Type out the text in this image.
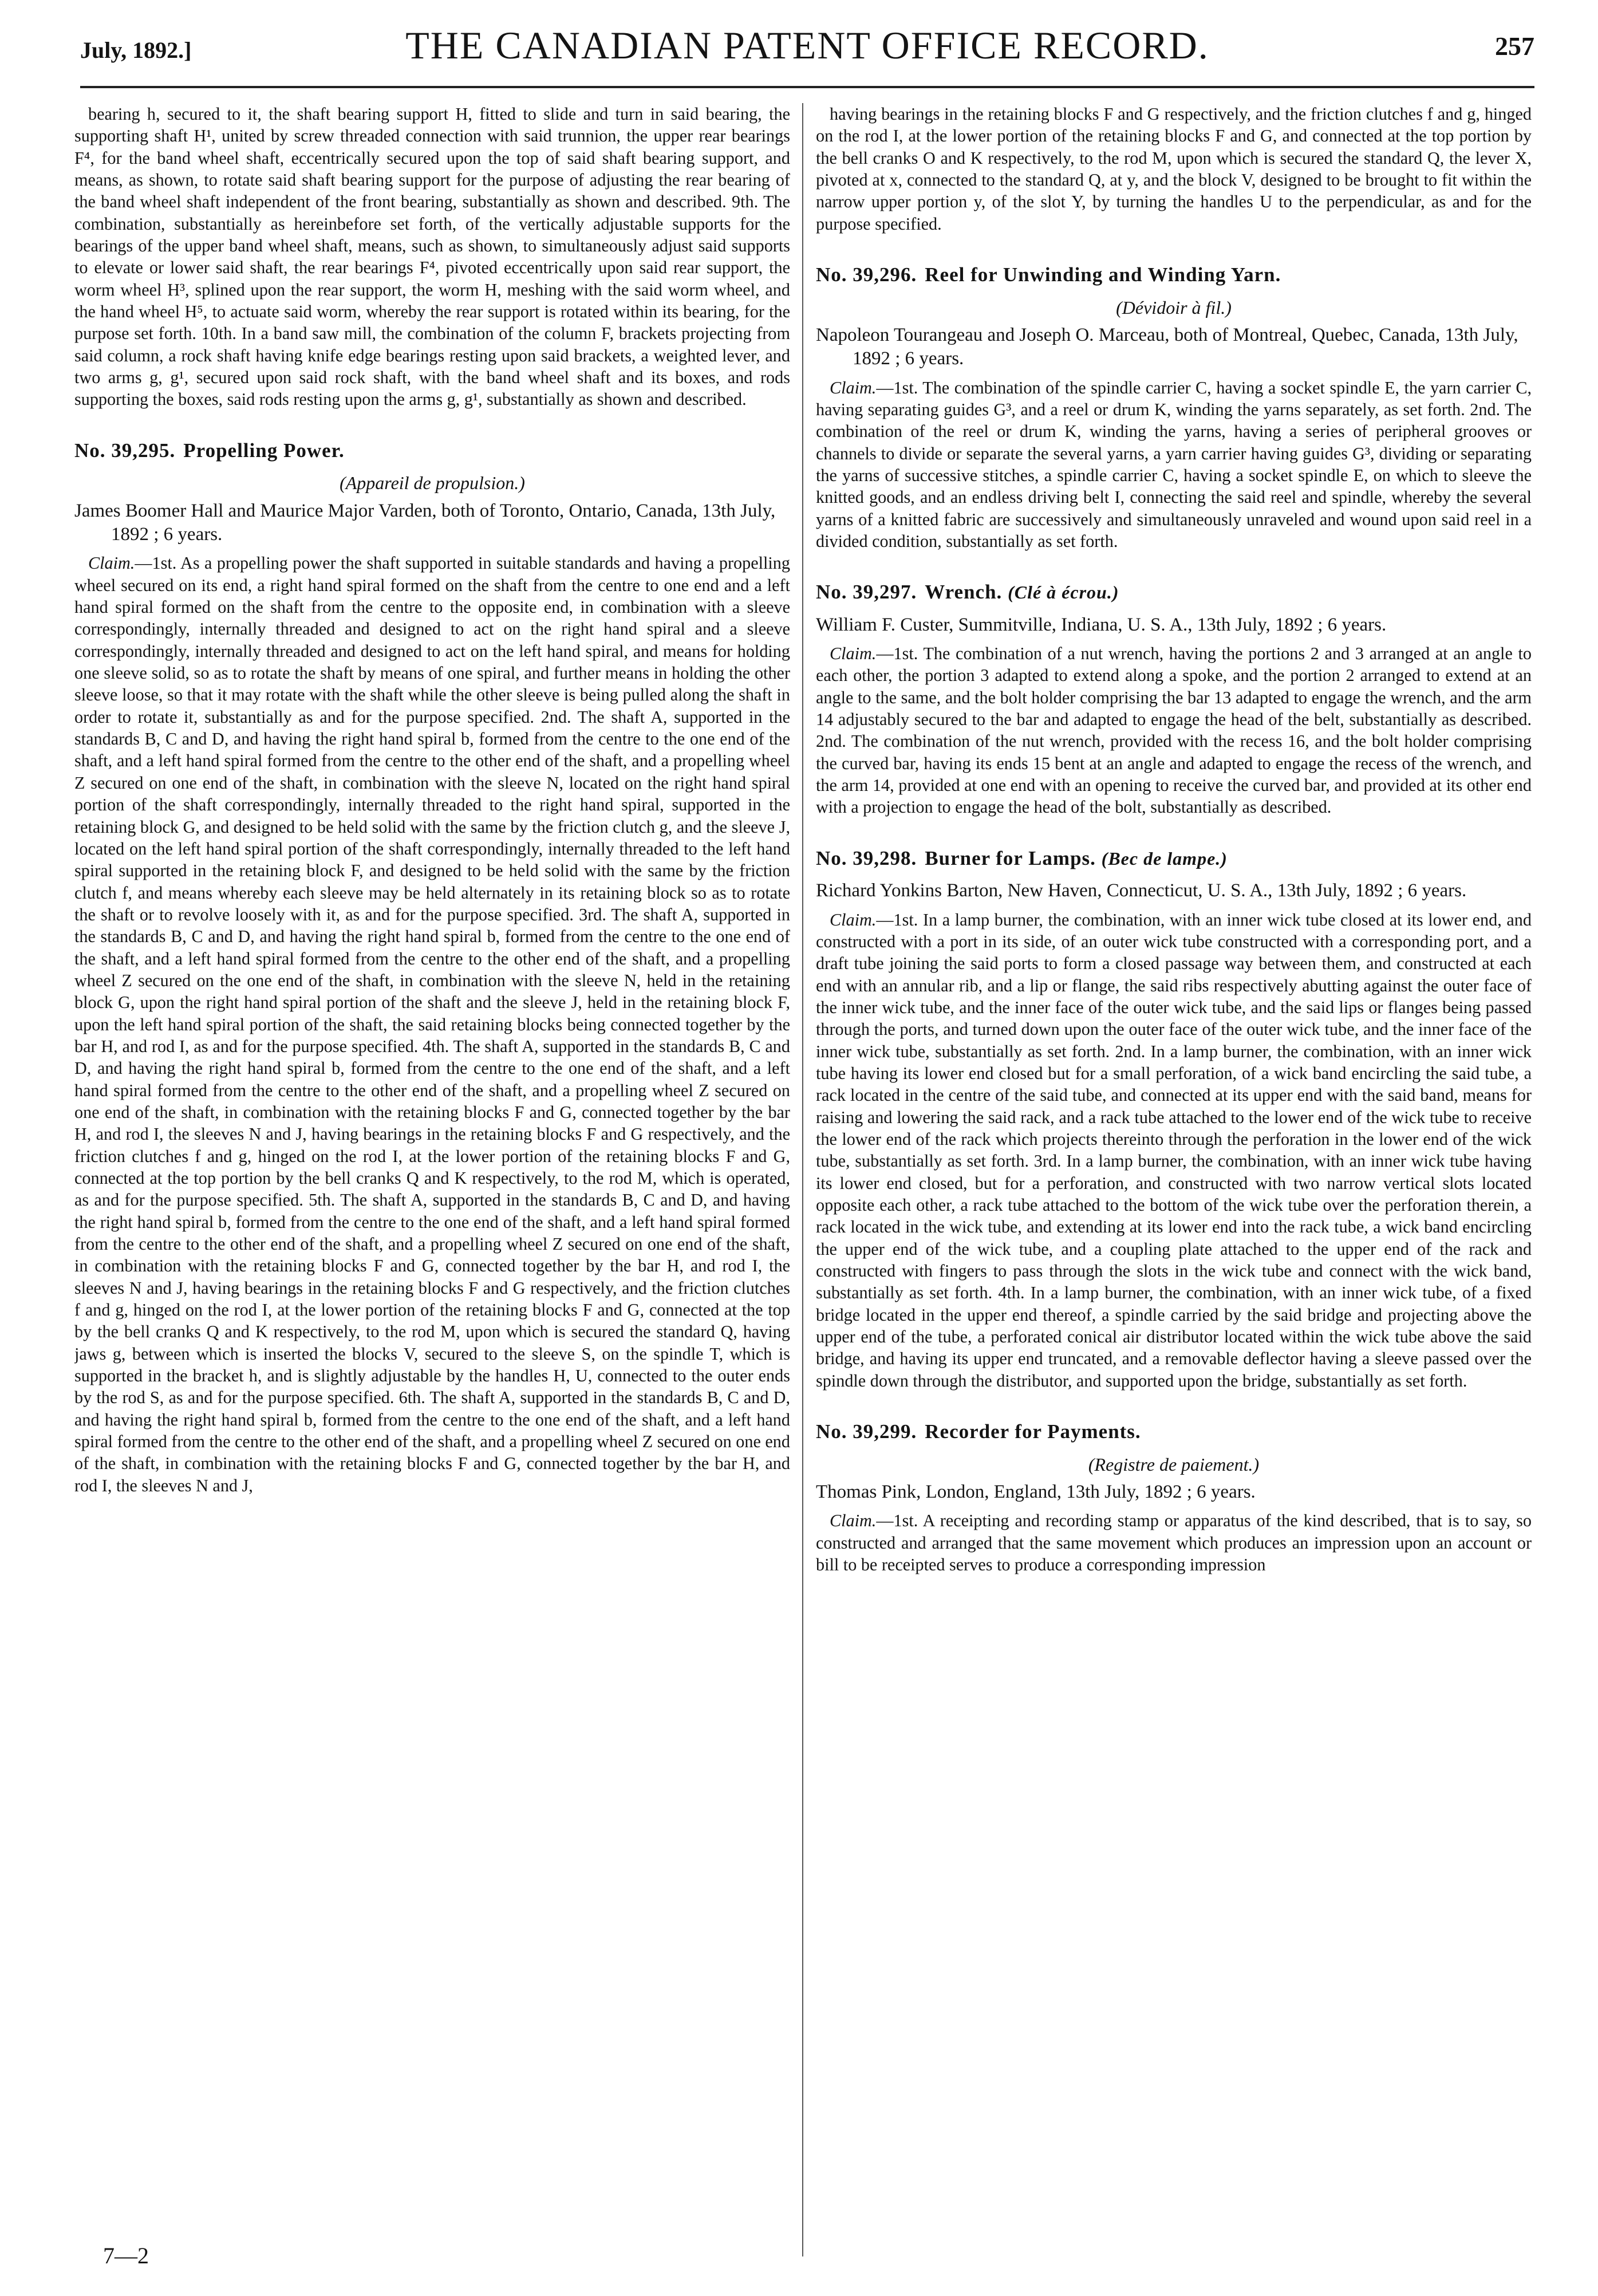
July, 1892.]	THE CANADIAN PATENT OFFICE RECORD.	257

bearing h, secured to it, the shaft bearing support H, fitted to slide and turn in said bearing, the supporting shaft H¹, united by screw threaded connection with said trunnion, the upper rear bearings F⁴, for the band wheel shaft, eccentrically secured upon the top of said shaft bearing support, and means, as shown, to rotate said shaft bearing support for the purpose of adjusting the rear bearing of the band wheel shaft independent of the front bearing, substantially as shown and described. 9th. The combination, substantially as hereinbefore set forth, of the vertically adjustable supports for the bearings of the upper band wheel shaft, means, such as shown, to simultaneously adjust said supports to elevate or lower said shaft, the rear bearings F⁴, pivoted eccentrically upon said rear support, the worm wheel H³, splined upon the rear support, the worm H, meshing with the said worm wheel, and the hand wheel H⁵, to actuate said worm, whereby the rear support is rotated within its bearing, for the purpose set forth. 10th. In a band saw mill, the combination of the column F, brackets projecting from said column, a rock shaft having knife edge bearings resting upon said brackets, a weighted lever, and two arms g, g¹, secured upon said rock shaft, with the band wheel shaft and its boxes, and rods supporting the boxes, said rods resting upon the arms g, g¹, substantially as shown and described.

No. 39,295. Propelling Power.

(Appareil de propulsion.)

James Boomer Hall and Maurice Major Varden, both of Toronto, Ontario, Canada, 13th July, 1892 ; 6 years.

Claim.—1st. As a propelling power the shaft supported in suitable standards and having a propelling wheel secured on its end, a right hand spiral formed on the shaft from the centre to one end and a left hand spiral formed on the shaft from the centre to the opposite end, in combination with a sleeve correspondingly, internally threaded and designed to act on the right hand spiral and a sleeve correspondingly, internally threaded and designed to act on the left hand spiral, and means for holding one sleeve solid, so as to rotate the shaft by means of one spiral, and further means in holding the other sleeve loose, so that it may rotate with the shaft while the other sleeve is being pulled along the shaft in order to rotate it, substantially as and for the purpose specified. 2nd. The shaft A, supported in the standards B, C and D, and having the right hand spiral b, formed from the centre to the one end of the shaft, and a left hand spiral formed from the centre to the other end of the shaft, and a propelling wheel Z secured on one end of the shaft, in combination with the sleeve N, located on the right hand spiral portion of the shaft correspondingly, internally threaded to the right hand spiral, supported in the retaining block G, and designed to be held solid with the same by the friction clutch g, and the sleeve J, located on the left hand spiral portion of the shaft correspondingly, internally threaded to the left hand spiral supported in the retaining block F, and designed to be held solid with the same by the friction clutch f, and means whereby each sleeve may be held alternately in its retaining block so as to rotate the shaft or to revolve loosely with it, as and for the purpose specified. 3rd. The shaft A, supported in the standards B, C and D, and having the right hand spiral b, formed from the centre to the one end of the shaft, and a left hand spiral formed from the centre to the other end of the shaft, and a propelling wheel Z secured on the one end of the shaft, in combination with the sleeve N, held in the retaining block G, upon the right hand spiral portion of the shaft and the sleeve J, held in the retaining block F, upon the left hand spiral portion of the shaft, the said retaining blocks being connected together by the bar H, and rod I, as and for the purpose specified. 4th. The shaft A, supported in the standards B, C and D, and having the right hand spiral b, formed from the centre to the one end of the shaft, and a left hand spiral formed from the centre to the other end of the shaft, and a propelling wheel Z secured on one end of the shaft, in combination with the retaining blocks F and G, connected together by the bar H, and rod I, the sleeves N and J, having bearings in the retaining blocks F and G respectively, and the friction clutches f and g, hinged on the rod I, at the lower portion of the retaining blocks F and G, connected at the top portion by the bell cranks Q and K respectively, to the rod M, which is operated, as and for the purpose specified. 5th. The shaft A, supported in the standards B, C and D, and having the right hand spiral b, formed from the centre to the one end of the shaft, and a left hand spiral formed from the centre to the other end of the shaft, and a propelling wheel Z secured on one end of the shaft, in combination with the retaining blocks F and G, connected together by the bar H, and rod I, the sleeves N and J, having bearings in the retaining blocks F and G respectively, and the friction clutches f and g, hinged on the rod I, at the lower portion of the retaining blocks F and G, connected at the top by the bell cranks Q and K respectively, to the rod M, upon which is secured the standard Q, having jaws g, between which is inserted the blocks V, secured to the sleeve S, on the spindle T, which is supported in the bracket h, and is slightly adjustable by the handles H, U, connected to the outer ends by the rod S, as and for the purpose specified. 6th. The shaft A, supported in the standards B, C and D, and having the right hand spiral b, formed from the centre to the one end of the shaft, and a left hand spiral formed from the centre to the other end of the shaft, and a propelling wheel Z secured on one end of the shaft, in combination with the retaining blocks F and G, connected together by the bar H, and rod I, the sleeves N and J,

having bearings in the retaining blocks F and G respectively, and the friction clutches f and g, hinged on the rod I, at the lower portion of the retaining blocks F and G, and connected at the top portion by the bell cranks O and K respectively, to the rod M, upon which is secured the standard Q, the lever X, pivoted at x, connected to the standard Q, at y, and the block V, designed to be brought to fit within the narrow upper portion y, of the slot Y, by turning the handles U to the perpendicular, as and for the purpose specified.

No. 39,296. Reel for Unwinding and Winding Yarn.

(Dévidoir à fil.)

Napoleon Tourangeau and Joseph O. Marceau, both of Montreal, Quebec, Canada, 13th July, 1892 ; 6 years.

Claim.—1st. The combination of the spindle carrier C, having a socket spindle E, the yarn carrier C, having separating guides G³, and a reel or drum K, winding the yarns separately, as set forth. 2nd. The combination of the reel or drum K, winding the yarns, having a series of peripheral grooves or channels to divide or separate the several yarns, a yarn carrier having guides G³, dividing or separating the yarns of successive stitches, a spindle carrier C, having a socket spindle E, on which to sleeve the knitted goods, and an endless driving belt I, connecting the said reel and spindle, whereby the several yarns of a knitted fabric are successively and simultaneously unraveled and wound upon said reel in a divided condition, substantially as set forth.

No. 39,297. Wrench. (Clé à écrou.)

William F. Custer, Summitville, Indiana, U. S. A., 13th July, 1892 ; 6 years.

Claim.—1st. The combination of a nut wrench, having the portions 2 and 3 arranged at an angle to each other, the portion 3 adapted to extend along a spoke, and the portion 2 arranged to extend at an angle to the same, and the bolt holder comprising the bar 13 adapted to engage the wrench, and the arm 14 adjustably secured to the bar and adapted to engage the head of the belt, substantially as described. 2nd. The combination of the nut wrench, provided with the recess 16, and the bolt holder comprising the curved bar, having its ends 15 bent at an angle and adapted to engage the recess of the wrench, and the arm 14, provided at one end with an opening to receive the curved bar, and provided at its other end with a projection to engage the head of the bolt, substantially as described.

No. 39,298. Burner for Lamps. (Bec de lampe.)

Richard Yonkins Barton, New Haven, Connecticut, U. S. A., 13th July, 1892 ; 6 years.

Claim.—1st. In a lamp burner, the combination, with an inner wick tube closed at its lower end, and constructed with a port in its side, of an outer wick tube constructed with a corresponding port, and a draft tube joining the said ports to form a closed passage way between them, and constructed at each end with an annular rib, and a lip or flange, the said ribs respectively abutting against the outer face of the inner wick tube, and the inner face of the outer wick tube, and the said lips or flanges being passed through the ports, and turned down upon the outer face of the outer wick tube, and the inner face of the inner wick tube, substantially as set forth. 2nd. In a lamp burner, the combination, with an inner wick tube having its lower end closed but for a small perforation, of a wick band encircling the said tube, a rack located in the centre of the said tube, and connected at its upper end with the said band, means for raising and lowering the said rack, and a rack tube attached to the lower end of the wick tube to receive the lower end of the rack which projects thereinto through the perforation in the lower end of the wick tube, substantially as set forth. 3rd. In a lamp burner, the combination, with an inner wick tube having its lower end closed, but for a perforation, and constructed with two narrow vertical slots located opposite each other, a rack tube attached to the bottom of the wick tube over the perforation therein, a rack located in the wick tube, and extending at its lower end into the rack tube, a wick band encircling the upper end of the wick tube, and a coupling plate attached to the upper end of the rack and constructed with fingers to pass through the slots in the wick tube and connect with the wick band, substantially as set forth. 4th. In a lamp burner, the combination, with an inner wick tube, of a fixed bridge located in the upper end thereof, a spindle carried by the said bridge and projecting above the upper end of the tube, a perforated conical air distributor located within the wick tube above the said bridge, and having its upper end truncated, and a removable deflector having a sleeve passed over the spindle down through the distributor, and supported upon the bridge, substantially as set forth.

No. 39,299. Recorder for Payments.

(Registre de paiement.)

Thomas Pink, London, England, 13th July, 1892 ; 6 years.

Claim.—1st. A receipting and recording stamp or apparatus of the kind described, that is to say, so constructed and arranged that the same movement which produces an impression upon an account or bill to be receipted serves to produce a corresponding impression

7—2
